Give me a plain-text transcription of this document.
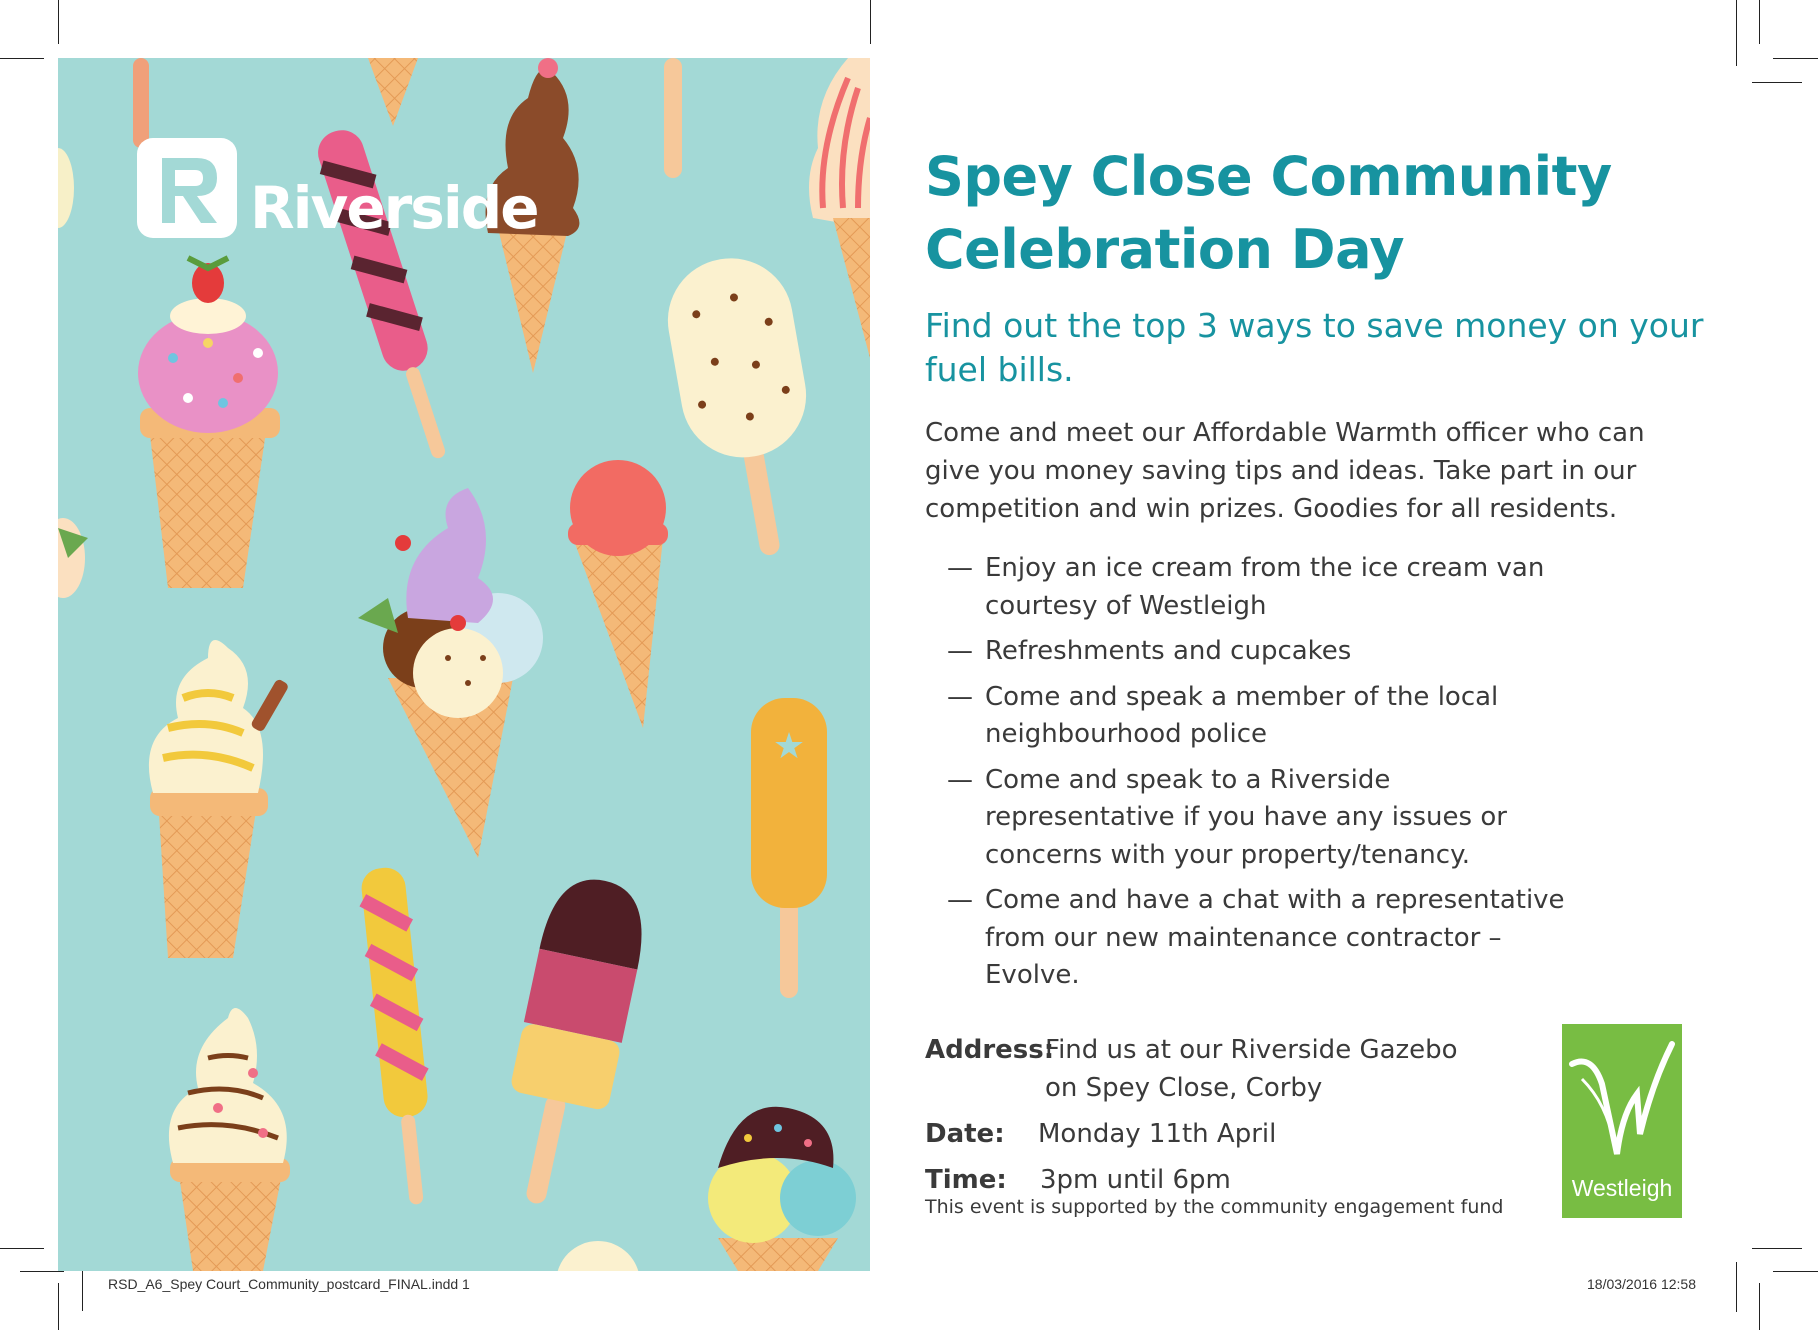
★
Riverside	Spey Close Community Celebration Day
Find out the top 3 ways to save money on your fuel bills.
Come and meet our Affordable Warmth officer who can give you money saving tips and ideas. Take part in our competition and win prizes. Goodies for all residents.
— Enjoy an ice cream from the ice cream van courtesy of Westleigh
— Refreshments and cupcakes
— Come and speak a member of the local neighbourhood police
— Come and speak to a Riverside representative if you have any issues or concerns with your property/tenancy.
— Come and have a chat with a representative from our new maintenance contractor – Evolve.
Address:
Find us at our Riverside Gazebo
on Spey Close, Corby
Date: Monday 11th April
Time: 3pm until 6pm
This event is supported by the community engagement fund
Westleigh
RSD_A6_Spey Court_Community_postcard_FINAL.indd 1	18/03/2016 12:58
